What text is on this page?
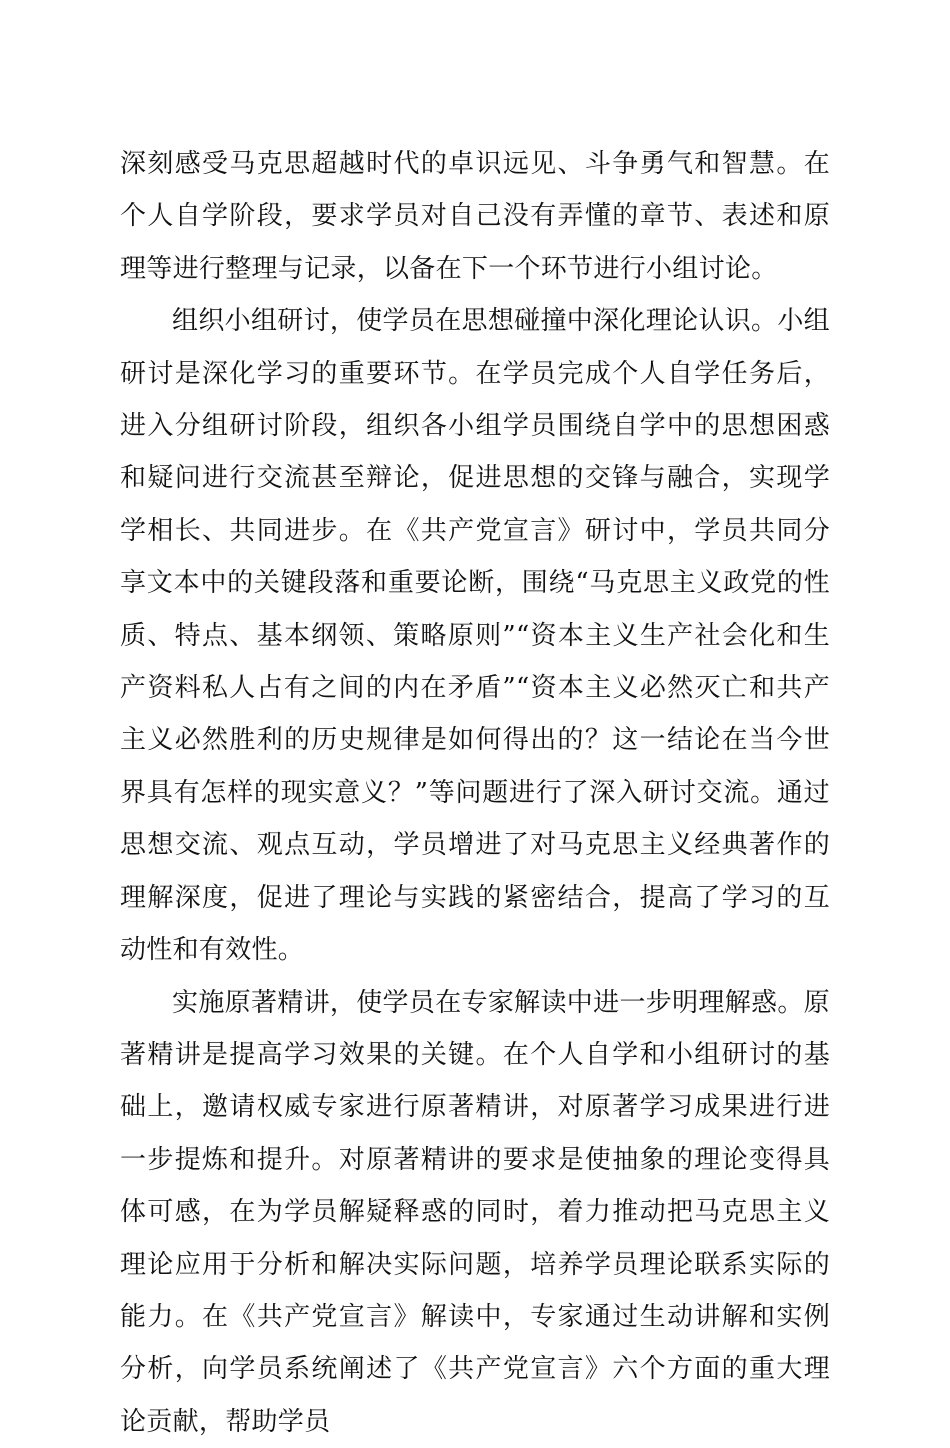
深刻感受马克思超越时代的卓识远见、斗争勇气和智慧。在个人自学阶段，要求学员对自己没有弄懂的章节、表述和原理等进行整理与记录，以备在下一个环节进行小组讨论。

组织小组研讨，使学员在思想碰撞中深化理论认识。小组研讨是深化学习的重要环节。在学员完成个人自学任务后，进入分组研讨阶段，组织各小组学员围绕自学中的思想困惑和疑问进行交流甚至辩论，促进思想的交锋与融合，实现学学相长、共同进步。在《共产党宣言》研讨中，学员共同分享文本中的关键段落和重要论断，围绕“马克思主义政党的性质、特点、基本纲领、策略原则”“资本主义生产社会化和生产资料私人占有之间的内在矛盾”“资本主义必然灭亡和共产主义必然胜利的历史规律是如何得出的？这一结论在当今世界具有怎样的现实意义？”等问题进行了深入研讨交流。通过思想交流、观点互动，学员增进了对马克思主义经典著作的理解深度，促进了理论与实践的紧密结合，提高了学习的互动性和有效性。

实施原著精讲，使学员在专家解读中进一步明理解惑。原著精讲是提高学习效果的关键。在个人自学和小组研讨的基础上，邀请权威专家进行原著精讲，对原著学习成果进行进一步提炼和提升。对原著精讲的要求是使抽象的理论变得具体可感，在为学员解疑释惑的同时，着力推动把马克思主义理论应用于分析和解决实际问题，培养学员理论联系实际的能力。在《共产党宣言》解读中，专家通过生动讲解和实例分析，向学员系统阐述了《共产党宣言》六个方面的重大理论贡献，帮助学员
